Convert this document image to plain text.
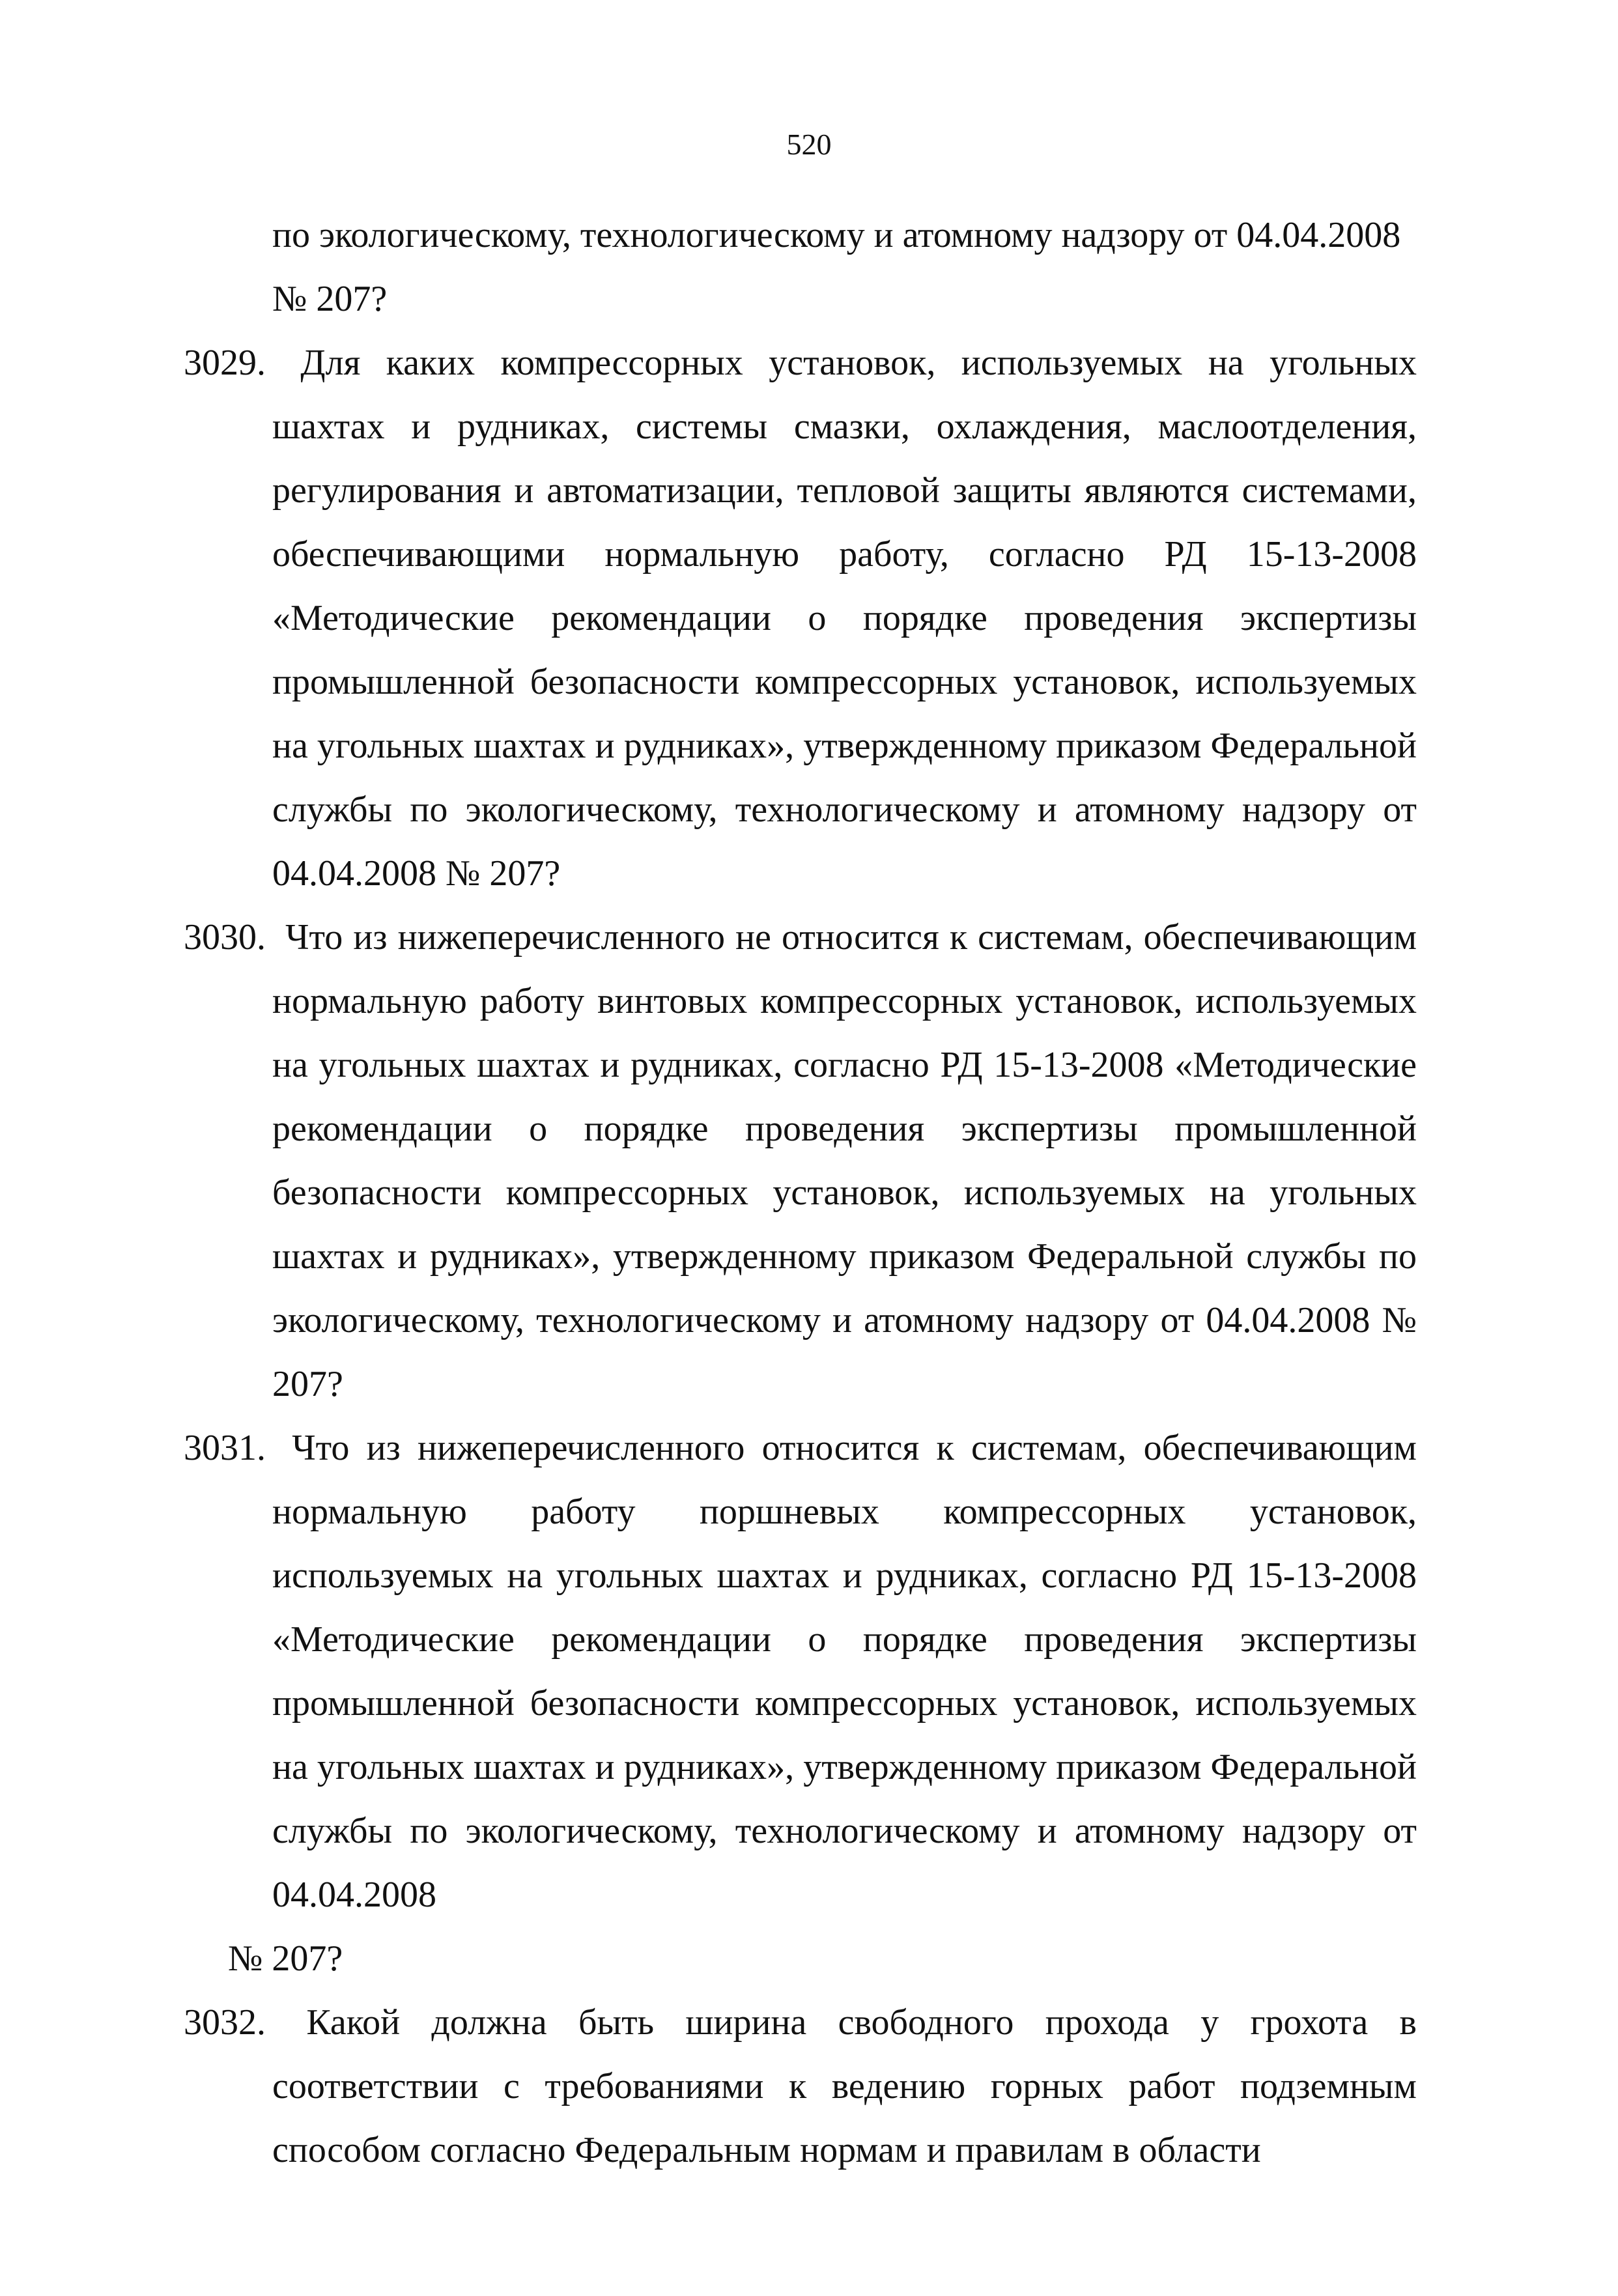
520
по экологическому, технологическому и атомному надзору от 04.04.2008
№ 207?
3029. Для каких компрессорных установок, используемых на угольных шахтах и рудниках, системы смазки, охлаждения, маслоотделения, регулирования и автоматизации, тепловой защиты являются системами, обеспечивающими нормальную работу, согласно РД 15-13-2008 «Методические рекомендации о порядке проведения экспертизы промышленной безопасности компрессорных установок, используемых на угольных шахтах и рудниках», утвержденному приказом Федеральной службы по экологическому, технологическому и атомному надзору от 04.04.2008 № 207?
3030. Что из нижеперечисленного не относится к системам, обеспечивающим нормальную работу винтовых компрессорных установок, используемых на угольных шахтах и рудниках, согласно РД 15-13-2008 «Методические рекомендации о порядке проведения экспертизы промышленной безопасности компрессорных установок, используемых на угольных шахтах и рудниках», утвержденному приказом Федеральной службы по экологическому, технологическому и атомному надзору от 04.04.2008 № 207?
3031. Что из нижеперечисленного относится к системам, обеспечивающим нормальную работу поршневых компрессорных установок, используемых на угольных шахтах и рудниках, согласно РД 15-13-2008 «Методические рекомендации о порядке проведения экспертизы промышленной безопасности компрессорных установок, используемых на угольных шахтах и рудниках», утвержденному приказом Федеральной службы по экологическому, технологическому и атомному надзору от 04.04.2008
№ 207?
3032. Какой должна быть ширина свободного прохода у грохота в соответствии с требованиями к ведению горных работ подземным способом согласно Федеральным нормам и правилам в области
